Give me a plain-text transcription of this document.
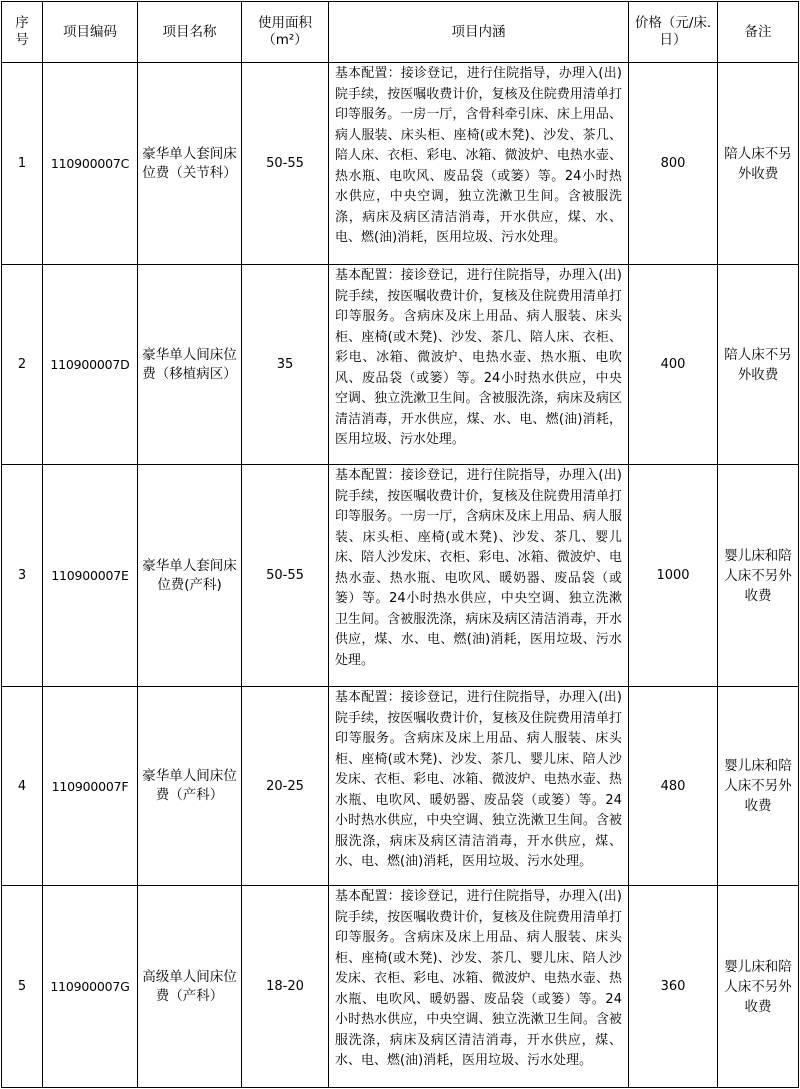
序号	项目编码	项目名称	使用面积（m²）	项目内涵	价格（元/床.日）	备注
1	110900007C	豪华单人套间床位费（关节科）	50-55	基本配置：接诊登记，进行住院指导，办理入(出)院手续，按医嘱收费计价，复核及住院费用清单打印等服务。一房一厅，含骨科牵引床、床上用品、病人服装、床头柜、座椅(或木凳)、沙发、茶几、陪人床、衣柜、彩电、冰箱、微波炉、电热水壶、热水瓶、电吹风、废品袋（或篓）等。24小时热水供应，中央空调，独立洗漱卫生间。含被服洗涤，病床及病区清洁消毒，开水供应，煤、水、电、燃(油)消耗，医用垃圾、污水处理。	800	陪人床不另外收费
2	110900007D	豪华单人间床位费（移植病区）	35	基本配置：接诊登记，进行住院指导，办理入(出)院手续，按医嘱收费计价，复核及住院费用清单打印等服务。含病床及床上用品、病人服装、床头柜、座椅(或木凳)、沙发、茶几、陪人床、衣柜、彩电、冰箱、微波炉、电热水壶、热水瓶、电吹风、废品袋（或篓）等。24小时热水供应，中央空调、独立洗漱卫生间。含被服洗涤，病床及病区清洁消毒，开水供应，煤、水、电、燃(油)消耗，医用垃圾、污水处理。	400	陪人床不另外收费
3	110900007E	豪华单人套间床位费(产科)	50-55	基本配置：接诊登记，进行住院指导，办理入(出)院手续，按医嘱收费计价，复核及住院费用清单打印等服务。一房一厅，含病床及床上用品、病人服装、床头柜、座椅(或木凳)、沙发、茶几、婴儿床、陪人沙发床、衣柜、彩电、冰箱、微波炉、电热水壶、热水瓶、电吹风、暖奶器、废品袋（或篓）等。24小时热水供应，中央空调、独立洗漱卫生间。含被服洗涤，病床及病区清洁消毒，开水供应，煤、水、电、燃(油)消耗，医用垃圾、污水处理。	1000	婴儿床和陪人床不另外收费
4	110900007F	豪华单人间床位费（产科）	20-25	基本配置：接诊登记，进行住院指导，办理入(出)院手续，按医嘱收费计价，复核及住院费用清单打印等服务。含病床及床上用品、病人服装、床头柜、座椅(或木凳)、沙发、茶几、婴儿床、陪人沙发床、衣柜、彩电、冰箱、微波炉、电热水壶、热水瓶、电吹风、暖奶器、废品袋（或篓）等。24小时热水供应，中央空调、独立洗漱卫生间。含被服洗涤，病床及病区清洁消毒，开水供应，煤、水、电、燃(油)消耗，医用垃圾、污水处理。	480	婴儿床和陪人床不另外收费
5	110900007G	高级单人间床位费（产科）	18-20	基本配置：接诊登记，进行住院指导，办理入(出)院手续，按医嘱收费计价，复核及住院费用清单打印等服务。含病床及床上用品、病人服装、床头柜、座椅(或木凳)、沙发、茶几、婴儿床、陪人沙发床、衣柜、彩电、冰箱、微波炉、电热水壶、热水瓶、电吹风、暖奶器、废品袋（或篓）等。24小时热水供应，中央空调、独立洗漱卫生间。含被服洗涤，病床及病区清洁消毒，开水供应，煤、水、电、燃(油)消耗，医用垃圾、污水处理。	360	婴儿床和陪人床不另外收费
